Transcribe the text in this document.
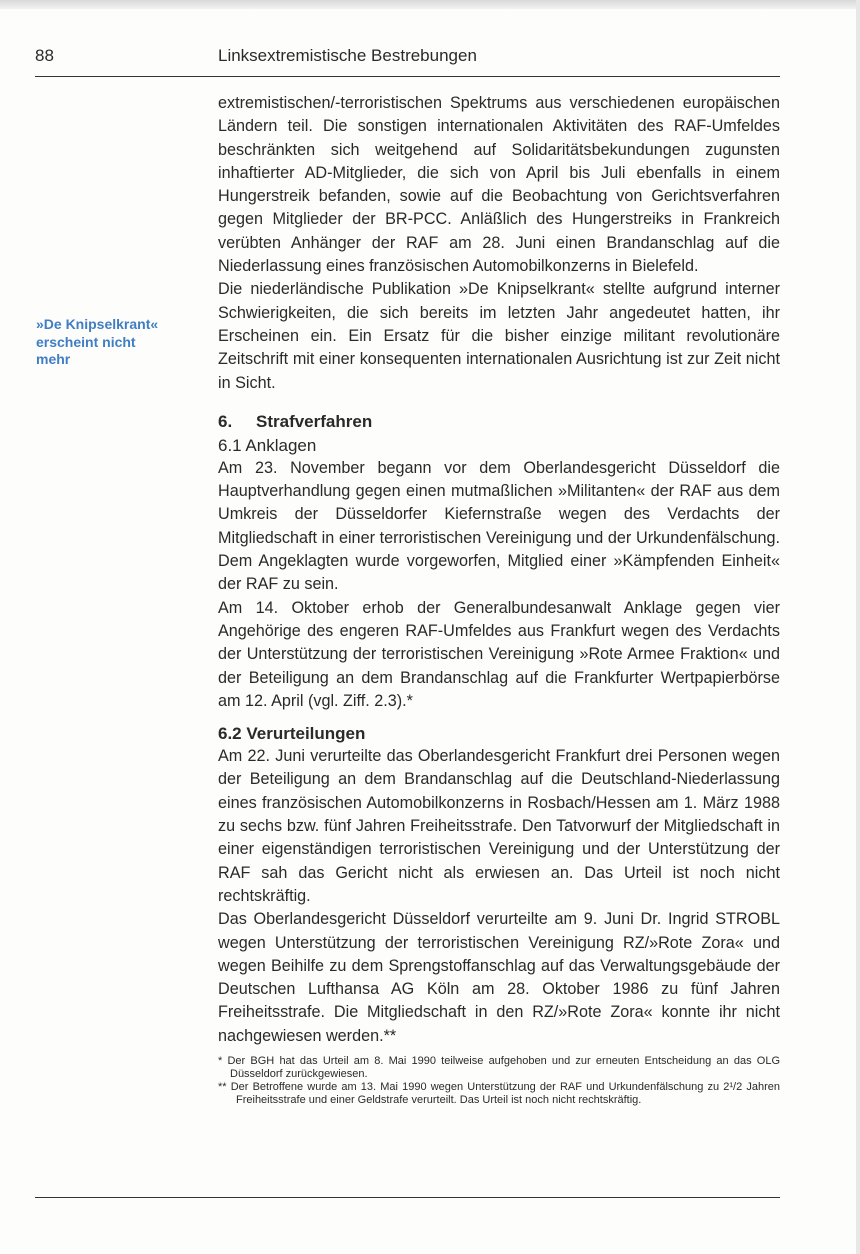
88	Linksextremistische Bestrebungen
»De Knipselkrant«
erscheint nicht
mehr

extremistischen/-terroristischen Spektrums aus verschiedenen europäischen Ländern teil. Die sonstigen internationalen Aktivitäten des RAF-Umfeldes beschränkten sich weitgehend auf Solidaritätsbekundungen zugunsten inhaftierter AD-Mitglieder, die sich von April bis Juli ebenfalls in einem Hungerstreik befanden, sowie auf die Beobachtung von Gerichtsverfahren gegen Mitglieder der BR-PCC. Anläßlich des Hungerstreiks in Frankreich verübten Anhänger der RAF am 28. Juni einen Brandanschlag auf die Niederlassung eines französischen Automobilkonzerns in Bielefeld.

Die niederländische Publikation »De Knipselkrant« stellte aufgrund interner Schwierigkeiten, die sich bereits im letzten Jahr angedeutet hatten, ihr Erscheinen ein. Ein Ersatz für die bisher einzige militant revolutionäre Zeitschrift mit einer konsequenten internationalen Ausrichtung ist zur Zeit nicht in Sicht.

6. Strafverfahren
6.1 Anklagen

Am 23. November begann vor dem Oberlandesgericht Düsseldorf die Hauptverhandlung gegen einen mutmaßlichen »Militanten« der RAF aus dem Umkreis der Düsseldorfer Kiefernstraße wegen des Verdachts der Mitgliedschaft in einer terroristischen Vereinigung und der Urkundenfälschung. Dem Angeklagten wurde vorgeworfen, Mitglied einer »Kämpfenden Einheit« der RAF zu sein.

Am 14. Oktober erhob der Generalbundesanwalt Anklage gegen vier Angehörige des engeren RAF-Umfeldes aus Frankfurt wegen des Verdachts der Unterstützung der terroristischen Vereinigung »Rote Armee Fraktion« und der Beteiligung an dem Brandanschlag auf die Frankfurter Wertpapierbörse am 12. April (vgl. Ziff. 2.3).*

6.2 Verurteilungen

Am 22. Juni verurteilte das Oberlandesgericht Frankfurt drei Personen wegen der Beteiligung an dem Brandanschlag auf die Deutschland-Niederlassung eines französischen Automobilkonzerns in Rosbach/Hessen am 1. März 1988 zu sechs bzw. fünf Jahren Freiheitsstrafe. Den Tatvorwurf der Mitgliedschaft in einer eigenständigen terroristischen Vereinigung und der Unterstützung der RAF sah das Gericht nicht als erwiesen an. Das Urteil ist noch nicht rechtskräftig.

Das Oberlandesgericht Düsseldorf verurteilte am 9. Juni Dr. Ingrid STROBL wegen Unterstützung der terroristischen Vereinigung RZ/»Rote Zora« und wegen Beihilfe zu dem Sprengstoffanschlag auf das Verwaltungsgebäude der Deutschen Lufthansa AG Köln am 28. Oktober 1986 zu fünf Jahren Freiheitsstrafe. Die Mitgliedschaft in den RZ/»Rote Zora« konnte ihr nicht nachgewiesen werden.**

* Der BGH hat das Urteil am 8. Mai 1990 teilweise aufgehoben und zur erneuten Entscheidung an das OLG Düsseldorf zurückgewiesen.

** Der Betroffene wurde am 13. Mai 1990 wegen Unterstützung der RAF und Urkundenfälschung zu 2¹/2 Jahren Freiheitsstrafe und einer Geldstrafe verurteilt. Das Urteil ist noch nicht rechtskräftig.
